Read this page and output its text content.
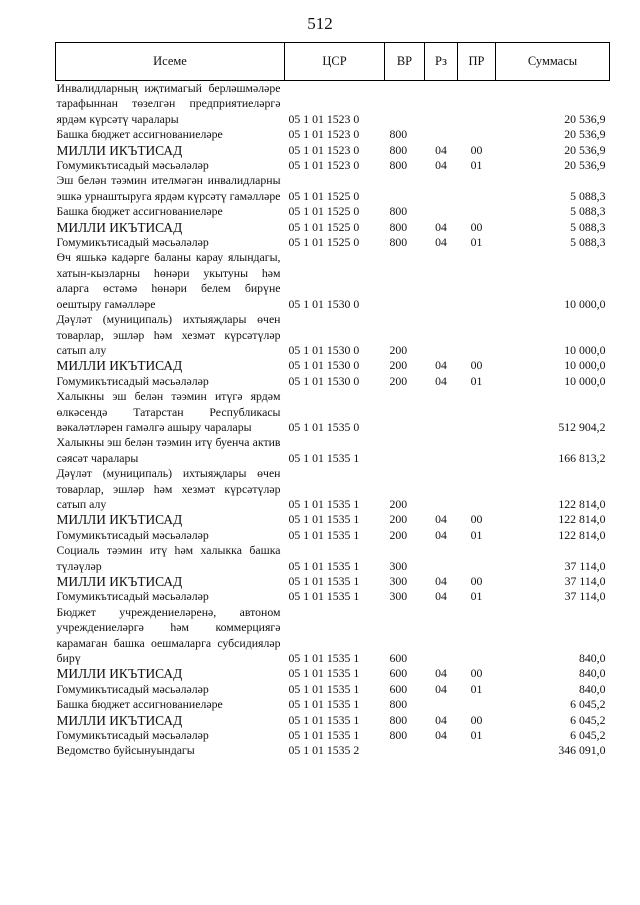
512
Исеме	ЦСР	ВР	Рз	ПР	Суммасы
Инвалидларның иҗтимагый берләшмәләре тарафыннан төзелгән предприятиеләргә ярдәм күрсәтү чаралары	05 1 01 1523 0				20 536,9
Башка бюджет ассигнованиеләре	05 1 01 1523 0	800			20 536,9
МИЛЛИ ИКЪТИСАД	05 1 01 1523 0	800	04	00	20 536,9
Гомумикътисадый мәсьәләләр	05 1 01 1523 0	800	04	01	20 536,9
Эш белән тәэмин ителмәгән инвалидларны эшкә урнаштыруга ярдәм күрсәтү гамәлләре	05 1 01 1525 0				5 088,3
Башка бюджет ассигнованиеләре	05 1 01 1525 0	800			5 088,3
МИЛЛИ ИКЪТИСАД	05 1 01 1525 0	800	04	00	5 088,3
Гомумикътисадый мәсьәләләр	05 1 01 1525 0	800	04	01	5 088,3
Өч яшькә кадәрге баланы карау ялындагы, хатын-кызларны һөнәри укытуны һәм аларга өстәмә һөнәри белем бирүне оештыру гамәлләре	05 1 01 1530 0				10 000,0
Дәүләт (муниципаль) ихтыяҗлары өчен товарлар, эшләр һәм хезмәт күрсәтүләр сатып алу	05 1 01 1530 0	200			10 000,0
МИЛЛИ ИКЪТИСАД	05 1 01 1530 0	200	04	00	10 000,0
Гомумикътисадый мәсьәләләр	05 1 01 1530 0	200	04	01	10 000,0
Халыкны эш белән тәэмин итүгә ярдәм өлкәсендә Татарстан Республикасы вәкаләтләрен гамәлгә ашыру чаралары	05 1 01 1535 0				512 904,2
Халыкны эш белән тәэмин итү буенча актив сәясәт чаралары	05 1 01 1535 1				166 813,2
Дәүләт (муниципаль) ихтыяҗлары өчен товарлар, эшләр һәм хезмәт күрсәтүләр сатып алу	05 1 01 1535 1	200			122 814,0
МИЛЛИ ИКЪТИСАД	05 1 01 1535 1	200	04	00	122 814,0
Гомумикътисадый мәсьәләләр	05 1 01 1535 1	200	04	01	122 814,0
Социаль тәэмин итү һәм халыкка башка түләүләр	05 1 01 1535 1	300			37 114,0
МИЛЛИ ИКЪТИСАД	05 1 01 1535 1	300	04	00	37 114,0
Гомумикътисадый мәсьәләләр	05 1 01 1535 1	300	04	01	37 114,0
Бюджет учреждениеләренә, автоном учреждениеләргә һәм коммерциягә карамаган башка оешмаларга субсидияләр бирү	05 1 01 1535 1	600			840,0
МИЛЛИ ИКЪТИСАД	05 1 01 1535 1	600	04	00	840,0
Гомумикътисадый мәсьәләләр	05 1 01 1535 1	600	04	01	840,0
Башка бюджет ассигнованиеләре	05 1 01 1535 1	800			6 045,2
МИЛЛИ ИКЪТИСАД	05 1 01 1535 1	800	04	00	6 045,2
Гомумикътисадый мәсьәләләр	05 1 01 1535 1	800	04	01	6 045,2
Ведомство буйсынуындагы	05 1 01 1535 2				346 091,0
